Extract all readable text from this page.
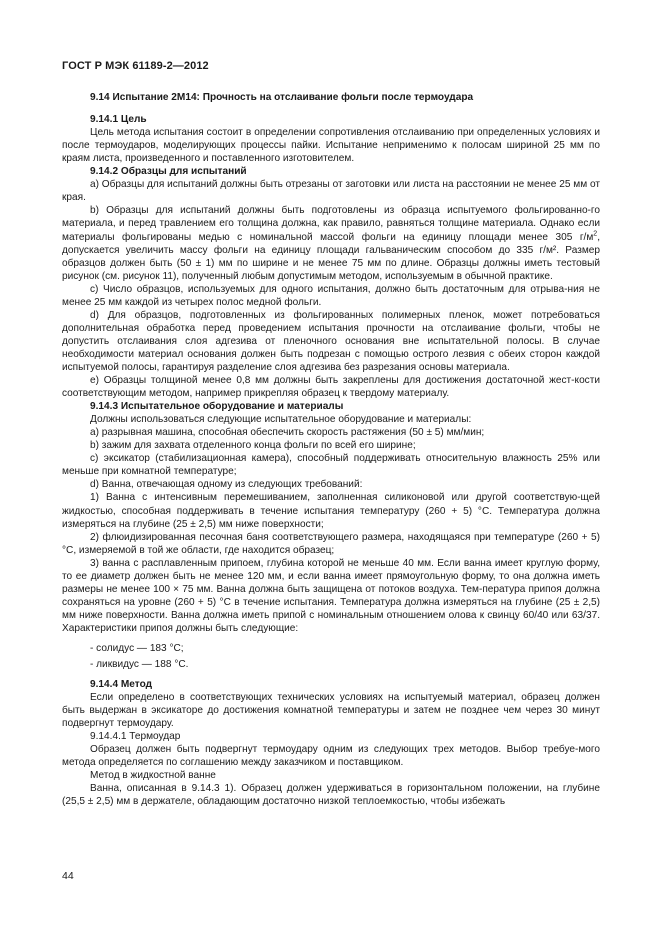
ГОСТ Р МЭК 61189-2—2012

9.14 Испытание 2М14: Прочность на отслаивание фольги после термоудара

9.14.1 Цель

Цель метода испытания состоит в определении сопротивления отслаиванию при определенных условиях и после термоударов, моделирующих процессы пайки. Испытание неприменимо к полосам шириной 25 мм по краям листа, произведенного и поставленного изготовителем.

9.14.2 Образцы для испытаний

a) Образцы для испытаний должны быть отрезаны от заготовки или листа на расстоянии не менее 25 мм от края.

b) Образцы для испытаний должны быть подготовлены из образца испытуемого фольгированно-го материала, и перед травлением его толщина должна, как правило, равняться толщине материала. Однако если материалы фольгированы медью с номинальной массой фольги на единицу площади менее 305 $г/м^2$, допускается увеличить массу фольги на единицу площади гальваническим способом до 335 г/м². Размер образцов должен быть (50 ± 1) мм по ширине и не менее 75 мм по длине. Образцы должны иметь тестовый рисунок (см. рисунок 11), полученный любым допустимым методом, используемым в обычной практике.

c) Число образцов, используемых для одного испытания, должно быть достаточным для отрыва-ния не менее 25 мм каждой из четырех полос медной фольги.

d) Для образцов, подготовленных из фольгированных полимерных пленок, может потребоваться дополнительная обработка перед проведением испытания прочности на отслаивание фольги, чтобы не допустить отслаивания слоя адгезива от пленочного основания вне испытательной полосы. В случае необходимости материал основания должен быть подрезан с помощью острого лезвия с обеих сторон каждой испытуемой полосы, гарантируя разделение слоя адгезива без разрезания основы материала.

e) Образцы толщиной менее 0,8 мм должны быть закреплены для достижения достаточной жест-кости соответствующим методом, например прикрепляя образец к твердому материалу.

9.14.3 Испытательное оборудование и материалы

Должны использоваться следующие испытательное оборудование и материалы:

a) разрывная машина, способная обеспечить скорость растяжения (50 ± 5) мм/мин;

b) зажим для захвата отделенного конца фольги по всей его ширине;

c) эксикатор (стабилизационная камера), способный поддерживать относительную влажность 25% или меньше при комнатной температуре;

d) Ванна, отвечающая одному из следующих требований:

1) Ванна с интенсивным перемешиванием, заполненная силиконовой или другой соответствую-щей жидкостью, способная поддерживать в течение испытания температуру (260 + 5) °С. Температура должна измеряться на глубине (25 ± 2,5) мм ниже поверхности;

2) флюидизированная песочная баня соответствующего размера, находящаяся при температуре (260 + 5) °С, измеряемой в той же области, где находится образец;

3) ванна с расплавленным припоем, глубина которой не меньше 40 мм. Если ванна имеет круглую форму, то ее диаметр должен быть не менее 120 мм, и если ванна имеет прямоугольную форму, то она должна иметь размеры не менее 100 × 75 мм. Ванна должна быть защищена от потоков воздуха. Тем-пература припоя должна сохраняться на уровне (260 + 5) °С в течение испытания. Температура должна измеряться на глубине (25 ± 2,5) мм ниже поверхности. Ванна должна иметь припой с номинальным отношением олова к свинцу 60/40 или 63/37. Характеристики припоя должны быть следующие:

- солидус — 183 °С;

- ликвидус — 188 °С.

9.14.4 Метод

Если определено в соответствующих технических условиях на испытуемый материал, образец должен быть выдержан в эксикаторе до достижения комнатной температуры и затем не позднее чем через 30 минут подвергнут термоудару.

9.14.4.1 Термоудар

Образец должен быть подвергнут термоудару одним из следующих трех методов. Выбор требуе-мого метода определяется по соглашению между заказчиком и поставщиком.

Метод в жидкостной ванне

Ванна, описанная в 9.14.3 1). Образец должен удерживаться в горизонтальном положении, на глубине (25,5 ± 2,5) мм в держателе, обладающим достаточно низкой теплоемкостью, чтобы избежать

44
